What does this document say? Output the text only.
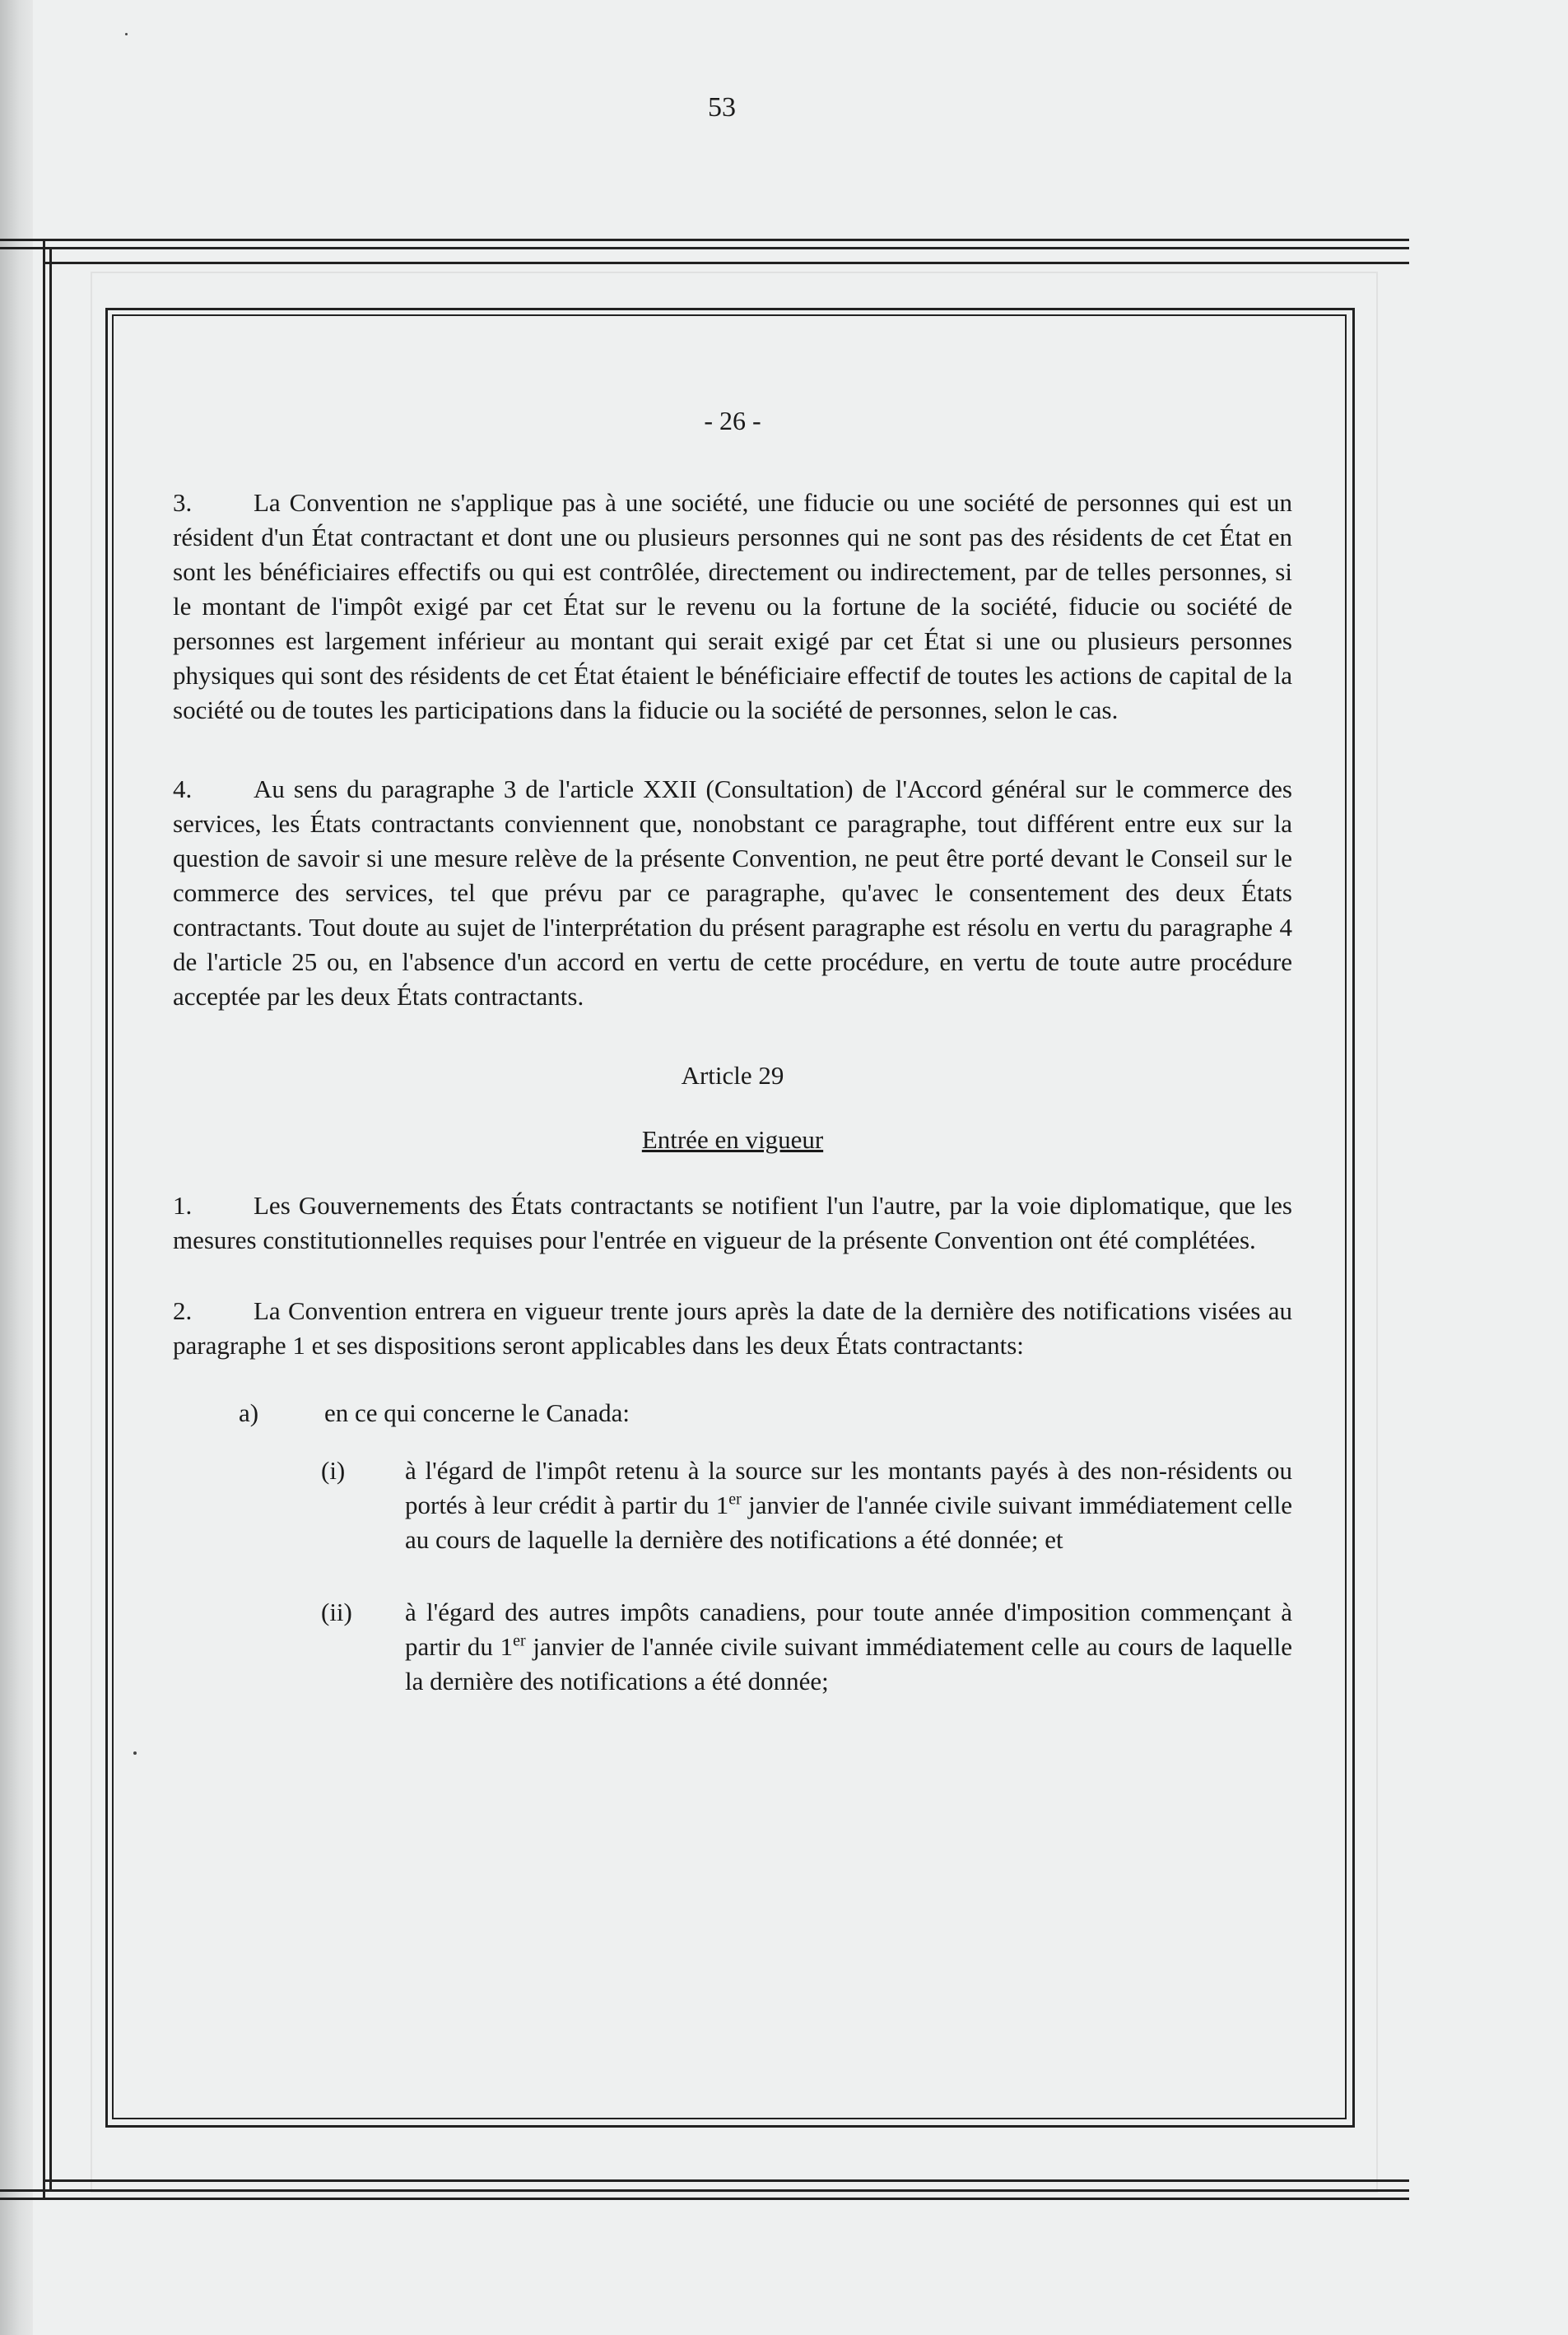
53
- 26 -

3. La Convention ne s'applique pas à une société, une fiducie ou une société de personnes qui est un résident d'un État contractant et dont une ou plusieurs personnes qui ne sont pas des résidents de cet État en sont les bénéficiaires effectifs ou qui est contrôlée, directement ou indirectement, par de telles personnes, si le montant de l'impôt exigé par cet État sur le revenu ou la fortune de la société, fiducie ou société de personnes est largement inférieur au montant qui serait exigé par cet État si une ou plusieurs personnes physiques qui sont des résidents de cet État étaient le bénéficiaire effectif de toutes les actions de capital de la société ou de toutes les participations dans la fiducie ou la société de personnes, selon le cas.

4. Au sens du paragraphe 3 de l'article XXII (Consultation) de l'Accord général sur le commerce des services, les États contractants conviennent que, nonobstant ce paragraphe, tout différent entre eux sur la question de savoir si une mesure relève de la présente Convention, ne peut être porté devant le Conseil sur le commerce des services, tel que prévu par ce paragraphe, qu'avec le consentement des deux États contractants. Tout doute au sujet de l'interprétation du présent paragraphe est résolu en vertu du paragraphe 4 de l'article 25 ou, en l'absence d'un accord en vertu de cette procédure, en vertu de toute autre procédure acceptée par les deux États contractants.

Article 29
Entrée en vigueur

1. Les Gouvernements des États contractants se notifient l'un l'autre, par la voie diplomatique, que les mesures constitutionnelles requises pour l'entrée en vigueur de la présente Convention ont été complétées.

2. La Convention entrera en vigueur trente jours après la date de la dernière des notifications visées au paragraphe 1 et ses dispositions seront applicables dans les deux États contractants:

a)	en ce qui concerne le Canada:
(i)	à l'égard de l'impôt retenu à la source sur les montants payés à des non-résidents ou portés à leur crédit à partir du 1er janvier de l'année civile suivant immédiatement celle au cours de laquelle la dernière des notifications a été donnée; et
(ii)	à l'égard des autres impôts canadiens, pour toute année d'imposition commençant à partir du 1er janvier de l'année civile suivant immédiatement celle au cours de laquelle la dernière des notifications a été donnée;
